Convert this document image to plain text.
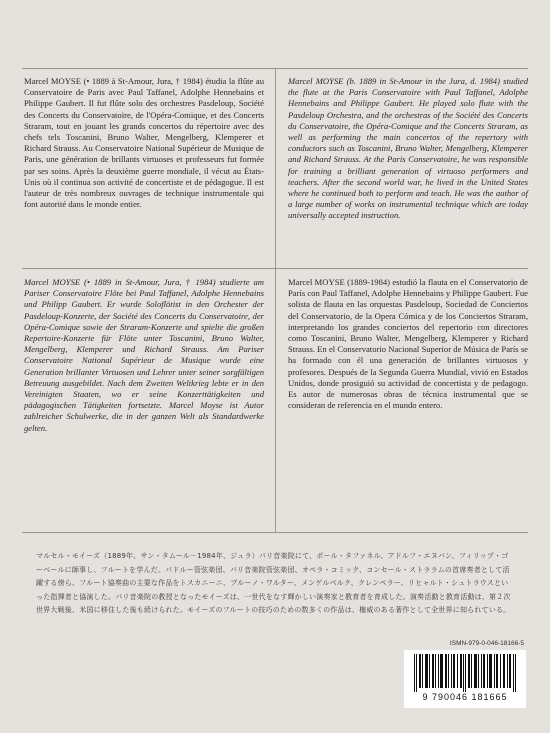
Marcel MOYSE (• 1889 à St-Amour, Jura, † 1984) étudia la flûte au Conservatoire de Paris avec Paul Taffanel, Adolphe Hennebains et Philippe Gaubert. Il fut flûte solo des orchestres Pasdeloup, Société des Concerts du Conservatoire, de l'Opéra-Comique, et des Concerts Straram, tout en jouant les grands concertos du répertoire avec des chefs tels Toscanini, Bruno Walter, Mengelberg, Klemperer et Richard Strauss. Au Conservatoire National Supérieur de Musique de Paris, une génération de brillants virtuoses et professeurs fut formée par ses soins. Après la deuxième guerre mondiale, il vécut au États-Unis où il continua son activité de concertiste et de pédagogue. Il est l'auteur de très nombreux ouvrages de technique instrumentale qui font autorité dans le monde entier.
Marcel MOYSE (b. 1889 in St-Amour in the Jura, d. 1984) studied the flute at the Paris Conservatoire with Paul Taffanel, Adolphe Hennebains and Philippe Gaubert. He played solo flute with the Pasdeloup Orchestra, and the orchestras of the Société des Concerts du Conservatoire, the Opéra-Comique and the Concerts Straram, as well as performing the main concertos of the repertory with conductors such as Toscanini, Bruno Walter, Mengelberg, Klemperer and Richard Strauss. At the Paris Conservatoire, he was responsible for training a brilliant generation of virtuoso performers and teachers. After the second world war, he lived in the United States where he continued both to perform and teach. He was the author of a large number of works on instrumental technique which are today universally accepted instruction.
Marcel MOYSE (• 1889 in St-Amour, Jura, † 1984) studierte am Pariser Conservatoire Flöte bei Paul Taffanel, Adolphe Hennebains und Philipp Gaubert. Er wurde Soloflötist in den Orchester der Pasdeloup-Konzerte, der Société des Concerts du Conservatoire, der Opéra-Comique sowie der Straram-Konzerte und spielte die großen Repertoire-Konzerte für Flöte unter Toscanini, Bruno Walter, Mengelberg, Klemperer und Richard Strauss. Am Pariser Conservatoire National Supérieur de Musique wurde eine Generation brillanter Virtuosen und Lehrer unter seiner sorgfältigen Betreuung ausgebildet. Nach dem Zweiten Weltkrieg lebte er in den Vereinigten Staaten, wo er seine Konzerttätigkeiten und pädagogischen Tätigkeiten fortsetzte. Marcel Moyse ist Autor zahlreicher Schulwerke, die in der ganzen Welt als Standardwerke gelten.
Marcel MOYSE (1889-1984) estudió la flauta en el Conservatorio de París con Paul Taffanel, Adolphe Hennebains y Philippe Gaubert. Fue solista de flauta en las orquestas Pasdeloup, Sociedad de Conciertos del Conservatorio, de la Opera Cómica y de los Conciertos Straram, interpretando los grandes conciertos del repertorio con directores como Toscanini, Bruno Walter, Mengelberg, Klemperer y Richard Strauss. En el Conservatorio Nacional Superior de Música de París se ha formado con él una generación de brillantes virtuosos y profesores. Después de la Segunda Guerra Mundial, vivió en Estados Unidos, donde prosiguió su actividad de concertista y de pedagogo. Es autor de numerosas obras de técnica instrumental que se consideran de referencia en el mundo entero.
マルセル・モイーズ（1889年、サン・タムール－1984年、ジュラ）パリ音楽院にて、ポール・タファネル、アドルフ・エヌバン、フィリップ・ゴーベールに師事し、フルートを学んだ。パドルー管弦楽団、パリ音楽院管弦楽団、オペラ・コミック、コンセール・ストララムの首席奏者として活躍する傍ら、フルート協奏曲の主要な作品をトスカニーニ、ブルーノ・ワルター、メンゲルベルク、クレンペラー、リヒャルト・シュトラウスといった指揮者と協演した。パリ音楽院の教授となったモイーズは、一世代をなす輝かしい演奏家と教育者を育成した。演奏活動と教育活動は、第２次世界大戦後、米国に移住した後も続けられた。モイーズのフルートの技巧のための数多くの作品は、権威のある著作として全世界に知られている。
ISMN-979-0-046-18166-5
9 790046 181665
